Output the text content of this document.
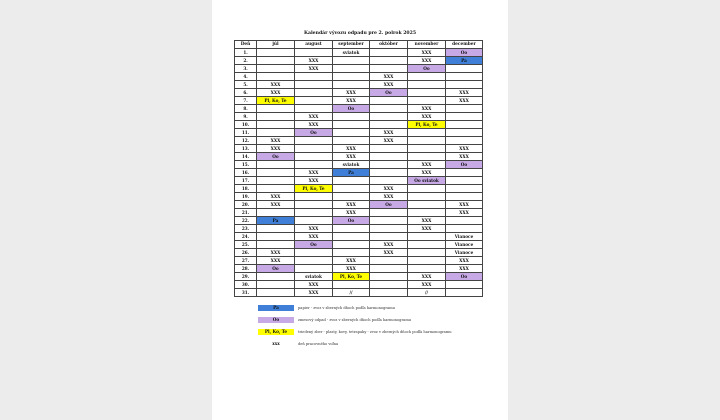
Kalendár vývozu odpadu pre 2. polrok 2025
Deň	júl	august	september	október	november	december
1.			sviatok		XXX	Oo
2.		XXX			XXX	Pa
3.		XXX			Oo	
4.				XXX		
5.	XXX			XXX		
6.	XXX		XXX	Oo		XXX
7.	Pl, Ko, Te		XXX			XXX
8.			Oo		XXX	
9.		XXX			XXX	
10.		XXX			Pl, Ko, Te	
11.		Oo		XXX		
12.	XXX			XXX		
13.	XXX		XXX			XXX
14.	Oo		XXX			XXX
15.			sviatok		XXX	Oo
16.		XXX	Pa		XXX	
17.		XXX			Oo sviatok	
18.		Pl, Ko, Te		XXX		
19.	XXX			XXX		
20.	XXX		XXX	Oo		XXX
21.			XXX			XXX
22.	Pa		Oo		XXX	
23.		XXX			XXX	
24.		XXX				Vianoce
25.		Oo		XXX		Vianoce
26.	XXX			XXX		Vianoce
27.	XXX		XXX			XXX
28.	Oo		XXX			XXX
29.		sviatok	Pl, Ko, Te		XXX	Oo
30.		XXX			XXX	
31.		XXX	//		//	
Pa	papier - zvoz v zberných dňoch podľa harmonogramu
Oo	zmesový odpad - zvoz v zberných dňoch podľa harmonogramu
Pl, Ko, Te	triedený zber - plasty, kovy, tetrapaky - zvoz v zberných dňoch podľa harmonogramu
xxx	deň pracovného voľna
